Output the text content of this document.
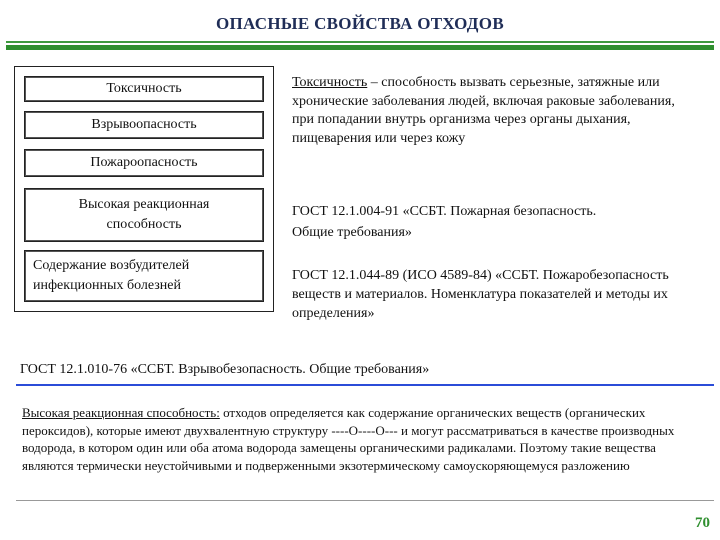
ОПАСНЫЕ СВОЙСТВА ОТХОДОВ
Токсичность
Взрывоопасность
Пожароопасность
Высокая реакционная способность
Содержание возбудителей инфекционных болезней
Токсичность – способность вызвать серьезные, затяжные или хронические заболевания людей, включая раковые заболевания, при попадании внутрь организма через органы дыхания, пищеварения или через кожу
ГОСТ 12.1.004-91 «ССБТ. Пожарная безопасность. Общие требования»
ГОСТ 12.1.044-89 (ИСО 4589-84) «ССБТ. Пожаробезопасность веществ и материалов. Номенклатура показателей и методы их определения»
ГОСТ 12.1.010-76 «ССБТ. Взрывобезопасность. Общие требования»
Высокая реакционная способность: отходов определяется как содержание органических веществ (органических пероксидов), которые имеют двухвалентную структуру ----О----О--- и могут рассматриваться в качестве производных водорода, в котором один или оба атома водорода замещены органическими радикалами. Поэтому такие вещества являются термически неустойчивыми и подверженными экзотермическому самоускоряющемуся разложению
70
